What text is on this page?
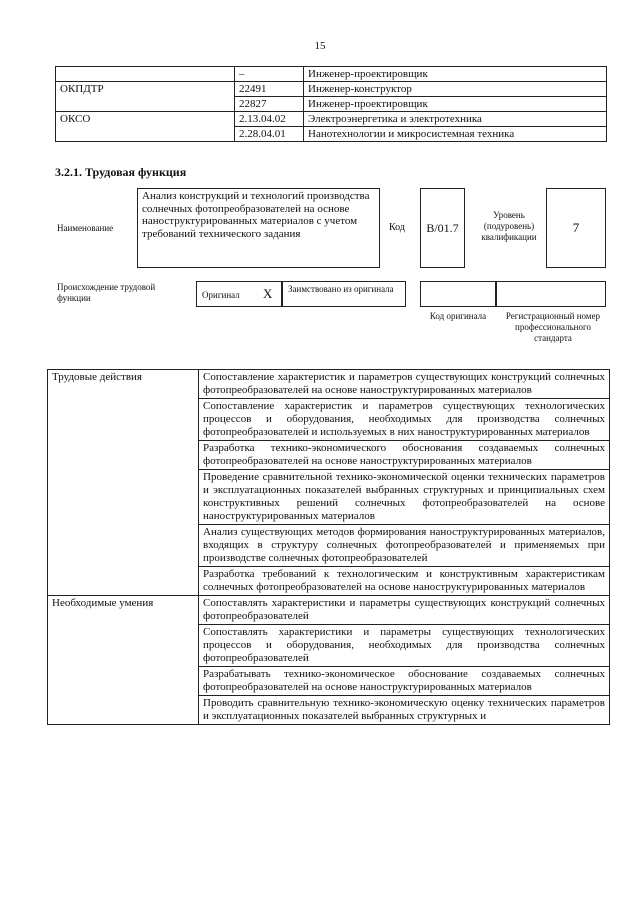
15
	–	Инженер-проектировщик
ОКПДТР	22491	Инженер-конструктор
	22827	Инженер-проектировщик
ОКСО	2.13.04.02	Электроэнергетика и электротехника
	2.28.04.01	Нанотехнологии и микросистемная техника
3.2.1. Трудовая функция
Наименование
Анализ конструкций и технологий производства солнечных фотопреобразователей на основе наноструктурированных материалов с учетом требований технического задания	Код	В/01.7
Уровень (подуровень) квалификации
7
Происхождение трудовой функции	Оригинал X Заимствовано из оригинала
Код оригинала	Регистрационный номер профессионального стандарта
Трудовые действия	Сопоставление характеристик и параметров существующих конструкций солнечных фотопреобразователей на основе наноструктурированных материалов
	Сопоставление характеристик и параметров существующих технологических процессов и оборудования, необходимых для производства солнечных фотопреобразователей и используемых в них наноструктурированных материалов
	Разработка технико-экономического обоснования создаваемых солнечных фотопреобразователей на основе наноструктурированных материалов
	Проведение сравнительной технико-экономической оценки технических параметров и эксплуатационных показателей выбранных структурных и принципиальных схем конструктивных решений солнечных фотопреобразователей на основе наноструктурированных материалов
	Анализ существующих методов формирования наноструктурированных материалов, входящих в структуру солнечных фотопреобразователей и применяемых при производстве солнечных фотопреобразователей
	Разработка требований к технологическим и конструктивным характеристикам солнечных фотопреобразователей на основе наноструктурированных материалов
Необходимые умения	Сопоставлять характеристики и параметры существующих конструкций солнечных фотопреобразователей
	Сопоставлять характеристики и параметры существующих технологических процессов и оборудования, необходимых для производства солнечных фотопреобразователей
	Разрабатывать технико-экономическое обоснование создаваемых солнечных фотопреобразователей на основе наноструктурированных материалов
	Проводить сравнительную технико-экономическую оценку технических параметров и эксплуатационных показателей выбранных структурных и
